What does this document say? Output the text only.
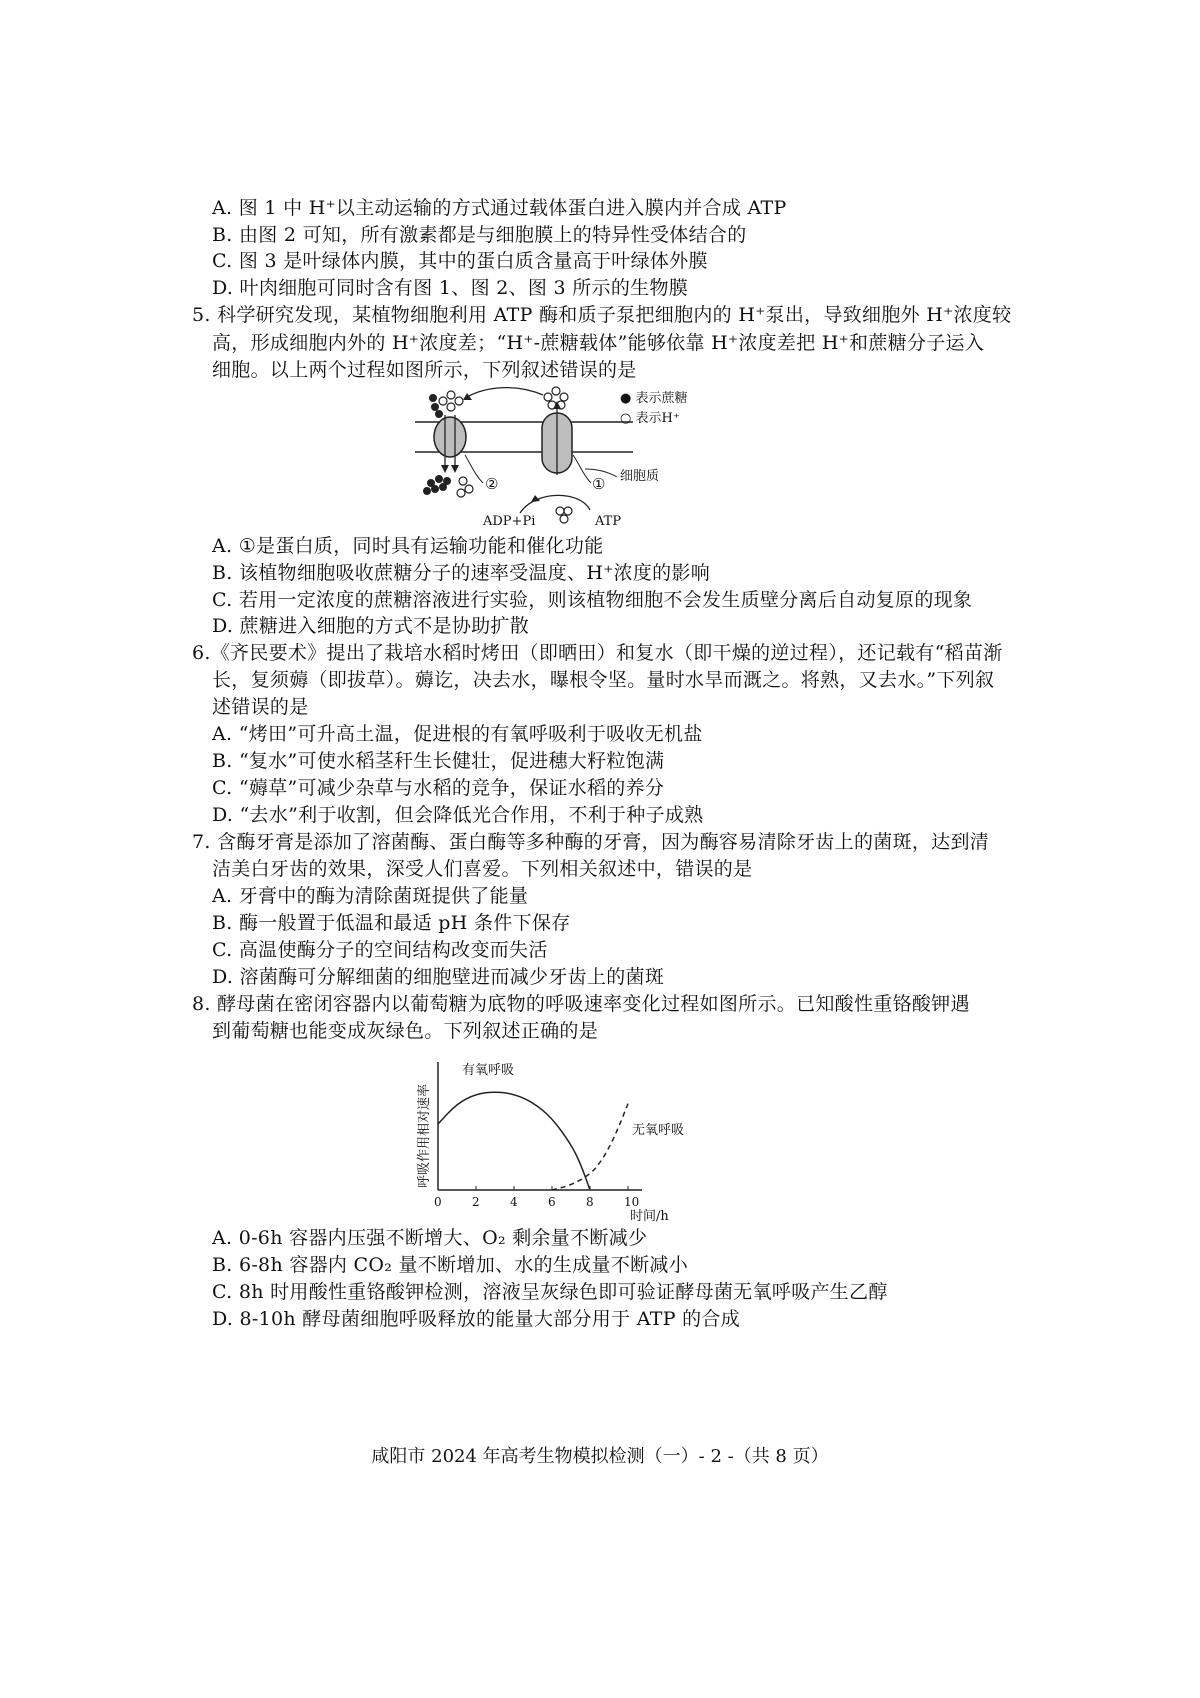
A. 图 1 中 H⁺以主动运输的方式通过载体蛋白进入膜内并合成 ATP
B. 由图 2 可知，所有激素都是与细胞膜上的特异性受体结合的
C. 图 3 是叶绿体内膜，其中的蛋白质含量高于叶绿体外膜
D. 叶肉细胞可同时含有图 1、图 2、图 3 所示的生物膜
5. 科学研究发现，某植物细胞利用 ATP 酶和质子泵把细胞内的 H⁺泵出，导致细胞外 H⁺浓度较
高，形成细胞内外的 H⁺浓度差；“H⁺-蔗糖载体”能够依靠 H⁺浓度差把 H⁺和蔗糖分子运入
细胞。以上两个过程如图所示，下列叙述错误的是
②	① 细胞质
ADP+Pi	ATP
● 表示蔗糖
○ 表示H⁺
A. ①是蛋白质，同时具有运输功能和催化功能
B. 该植物细胞吸收蔗糖分子的速率受温度、H⁺浓度的影响
C. 若用一定浓度的蔗糖溶液进行实验，则该植物细胞不会发生质壁分离后自动复原的现象
D. 蔗糖进入细胞的方式不是协助扩散
6.《齐民要术》提出了栽培水稻时烤田（即晒田）和复水（即干燥的逆过程），还记载有“稻苗渐
长，复须薅（即拔草）。薅讫，决去水，曝根令坚。量时水旱而溉之。将熟，又去水。”下列叙
述错误的是
A. “烤田”可升高土温，促进根的有氧呼吸利于吸收无机盐
B. “复水”可使水稻茎秆生长健壮，促进穗大籽粒饱满
C. “薅草”可减少杂草与水稻的竞争，保证水稻的养分
D. “去水”利于收割，但会降低光合作用，不利于种子成熟
7. 含酶牙膏是添加了溶菌酶、蛋白酶等多种酶的牙膏，因为酶容易清除牙齿上的菌斑，达到清
洁美白牙齿的效果，深受人们喜爱。下列相关叙述中，错误的是
A. 牙膏中的酶为清除菌斑提供了能量
B. 酶一般置于低温和最适 pH 条件下保存
C. 高温使酶分子的空间结构改变而失活
D. 溶菌酶可分解细菌的细胞壁进而减少牙齿上的菌斑
8. 酵母菌在密闭容器内以葡萄糖为底物的呼吸速率变化过程如图所示。已知酸性重铬酸钾遇
到葡萄糖也能变成灰绿色。下列叙述正确的是
0	2	4	6	8	10
呼吸作用相对速率
时间/h
有氧呼吸
无氧呼吸
A. 0-6h 容器内压强不断增大、O₂ 剩余量不断减少
B. 6-8h 容器内 CO₂ 量不断增加、水的生成量不断减小
C. 8h 时用酸性重铬酸钾检测，溶液呈灰绿色即可验证酵母菌无氧呼吸产生乙醇
D. 8-10h 酵母菌细胞呼吸释放的能量大部分用于 ATP 的合成
咸阳市 2024 年高考生物模拟检测（一）- 2 -（共 8 页）
